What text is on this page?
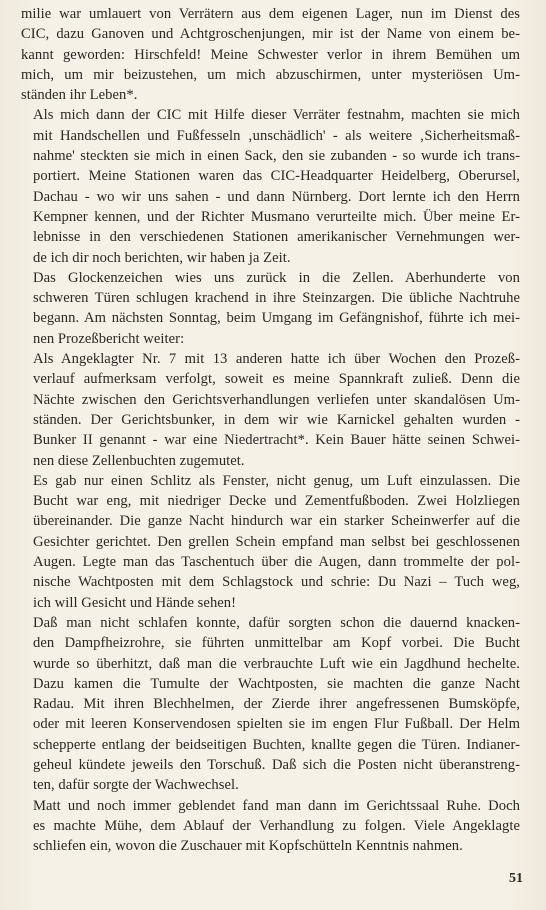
milie war umlauert von Verrätern aus dem eigenen Lager, nun im Dienst des
CIC, dazu Ganoven und Achtgroschenjungen, mir ist der Name von einem be-
kannt geworden: Hirschfeld! Meine Schwester verlor in ihrem Bemühen um
mich, um mir beizustehen, um mich abzuschirmen, unter mysteriösen Um-
ständen ihr Leben*.
Als mich dann der CIC mit Hilfe dieser Verräter festnahm, machten sie mich
mit Handschellen und Fußfesseln ‚unschädlich' - als weitere ‚Sicherheitsmaß-
nahme' steckten sie mich in einen Sack, den sie zubanden - so wurde ich trans-
portiert. Meine Stationen waren das CIC-Headquarter Heidelberg, Oberursel,
Dachau - wo wir uns sahen - und dann Nürnberg. Dort lernte ich den Herrn
Kempner kennen, und der Richter Musmano verurteilte mich. Über meine Er-
lebnisse in den verschiedenen Stationen amerikanischer Vernehmungen wer-
de ich dir noch berichten, wir haben ja Zeit.
Das Glockenzeichen wies uns zurück in die Zellen. Aberhunderte von
schweren Türen schlugen krachend in ihre Steinzargen. Die übliche Nachtruhe
begann. Am nächsten Sonntag, beim Umgang im Gefängnishof, führte ich mei-
nen Prozeßbericht weiter:
Als Angeklagter Nr. 7 mit 13 anderen hatte ich über Wochen den Prozeß-
verlauf aufmerksam verfolgt, soweit es meine Spannkraft zuließ. Denn die
Nächte zwischen den Gerichtsverhandlungen verliefen unter skandalösen Um-
ständen. Der Gerichtsbunker, in dem wir wie Karnickel gehalten wurden -
Bunker II genannt - war eine Niedertracht*. Kein Bauer hätte seinen Schwei-
nen diese Zellenbuchten zugemutet.
Es gab nur einen Schlitz als Fenster, nicht genug, um Luft einzulassen. Die
Bucht war eng, mit niedriger Decke und Zementfußboden. Zwei Holzliegen
übereinander. Die ganze Nacht hindurch war ein starker Scheinwerfer auf die
Gesichter gerichtet. Den grellen Schein empfand man selbst bei geschlossenen
Augen. Legte man das Taschentuch über die Augen, dann trommelte der pol-
nische Wachtposten mit dem Schlagstock und schrie: Du Nazi – Tuch weg,
ich will Gesicht und Hände sehen!
Daß man nicht schlafen konnte, dafür sorgten schon die dauernd knacken-
den Dampfheizrohre, sie führten unmittelbar am Kopf vorbei. Die Bucht
wurde so überhitzt, daß man die verbrauchte Luft wie ein Jagdhund hechelte.
Dazu kamen die Tumulte der Wachtposten, sie machten die ganze Nacht
Radau. Mit ihren Blechhelmen, der Zierde ihrer angefressenen Bumsköpfe,
oder mit leeren Konservendosen spielten sie im engen Flur Fußball. Der Helm
schepperte entlang der beidseitigen Buchten, knallte gegen die Türen. Indianer-
geheul kündete jeweils den Torschuß. Daß sich die Posten nicht überanstreng-
ten, dafür sorgte der Wachwechsel.
Matt und noch immer geblendet fand man dann im Gerichtssaal Ruhe. Doch
es machte Mühe, dem Ablauf der Verhandlung zu folgen. Viele Angeklagte
schliefen ein, wovon die Zuschauer mit Kopfschütteln Kenntnis nahmen.
51
